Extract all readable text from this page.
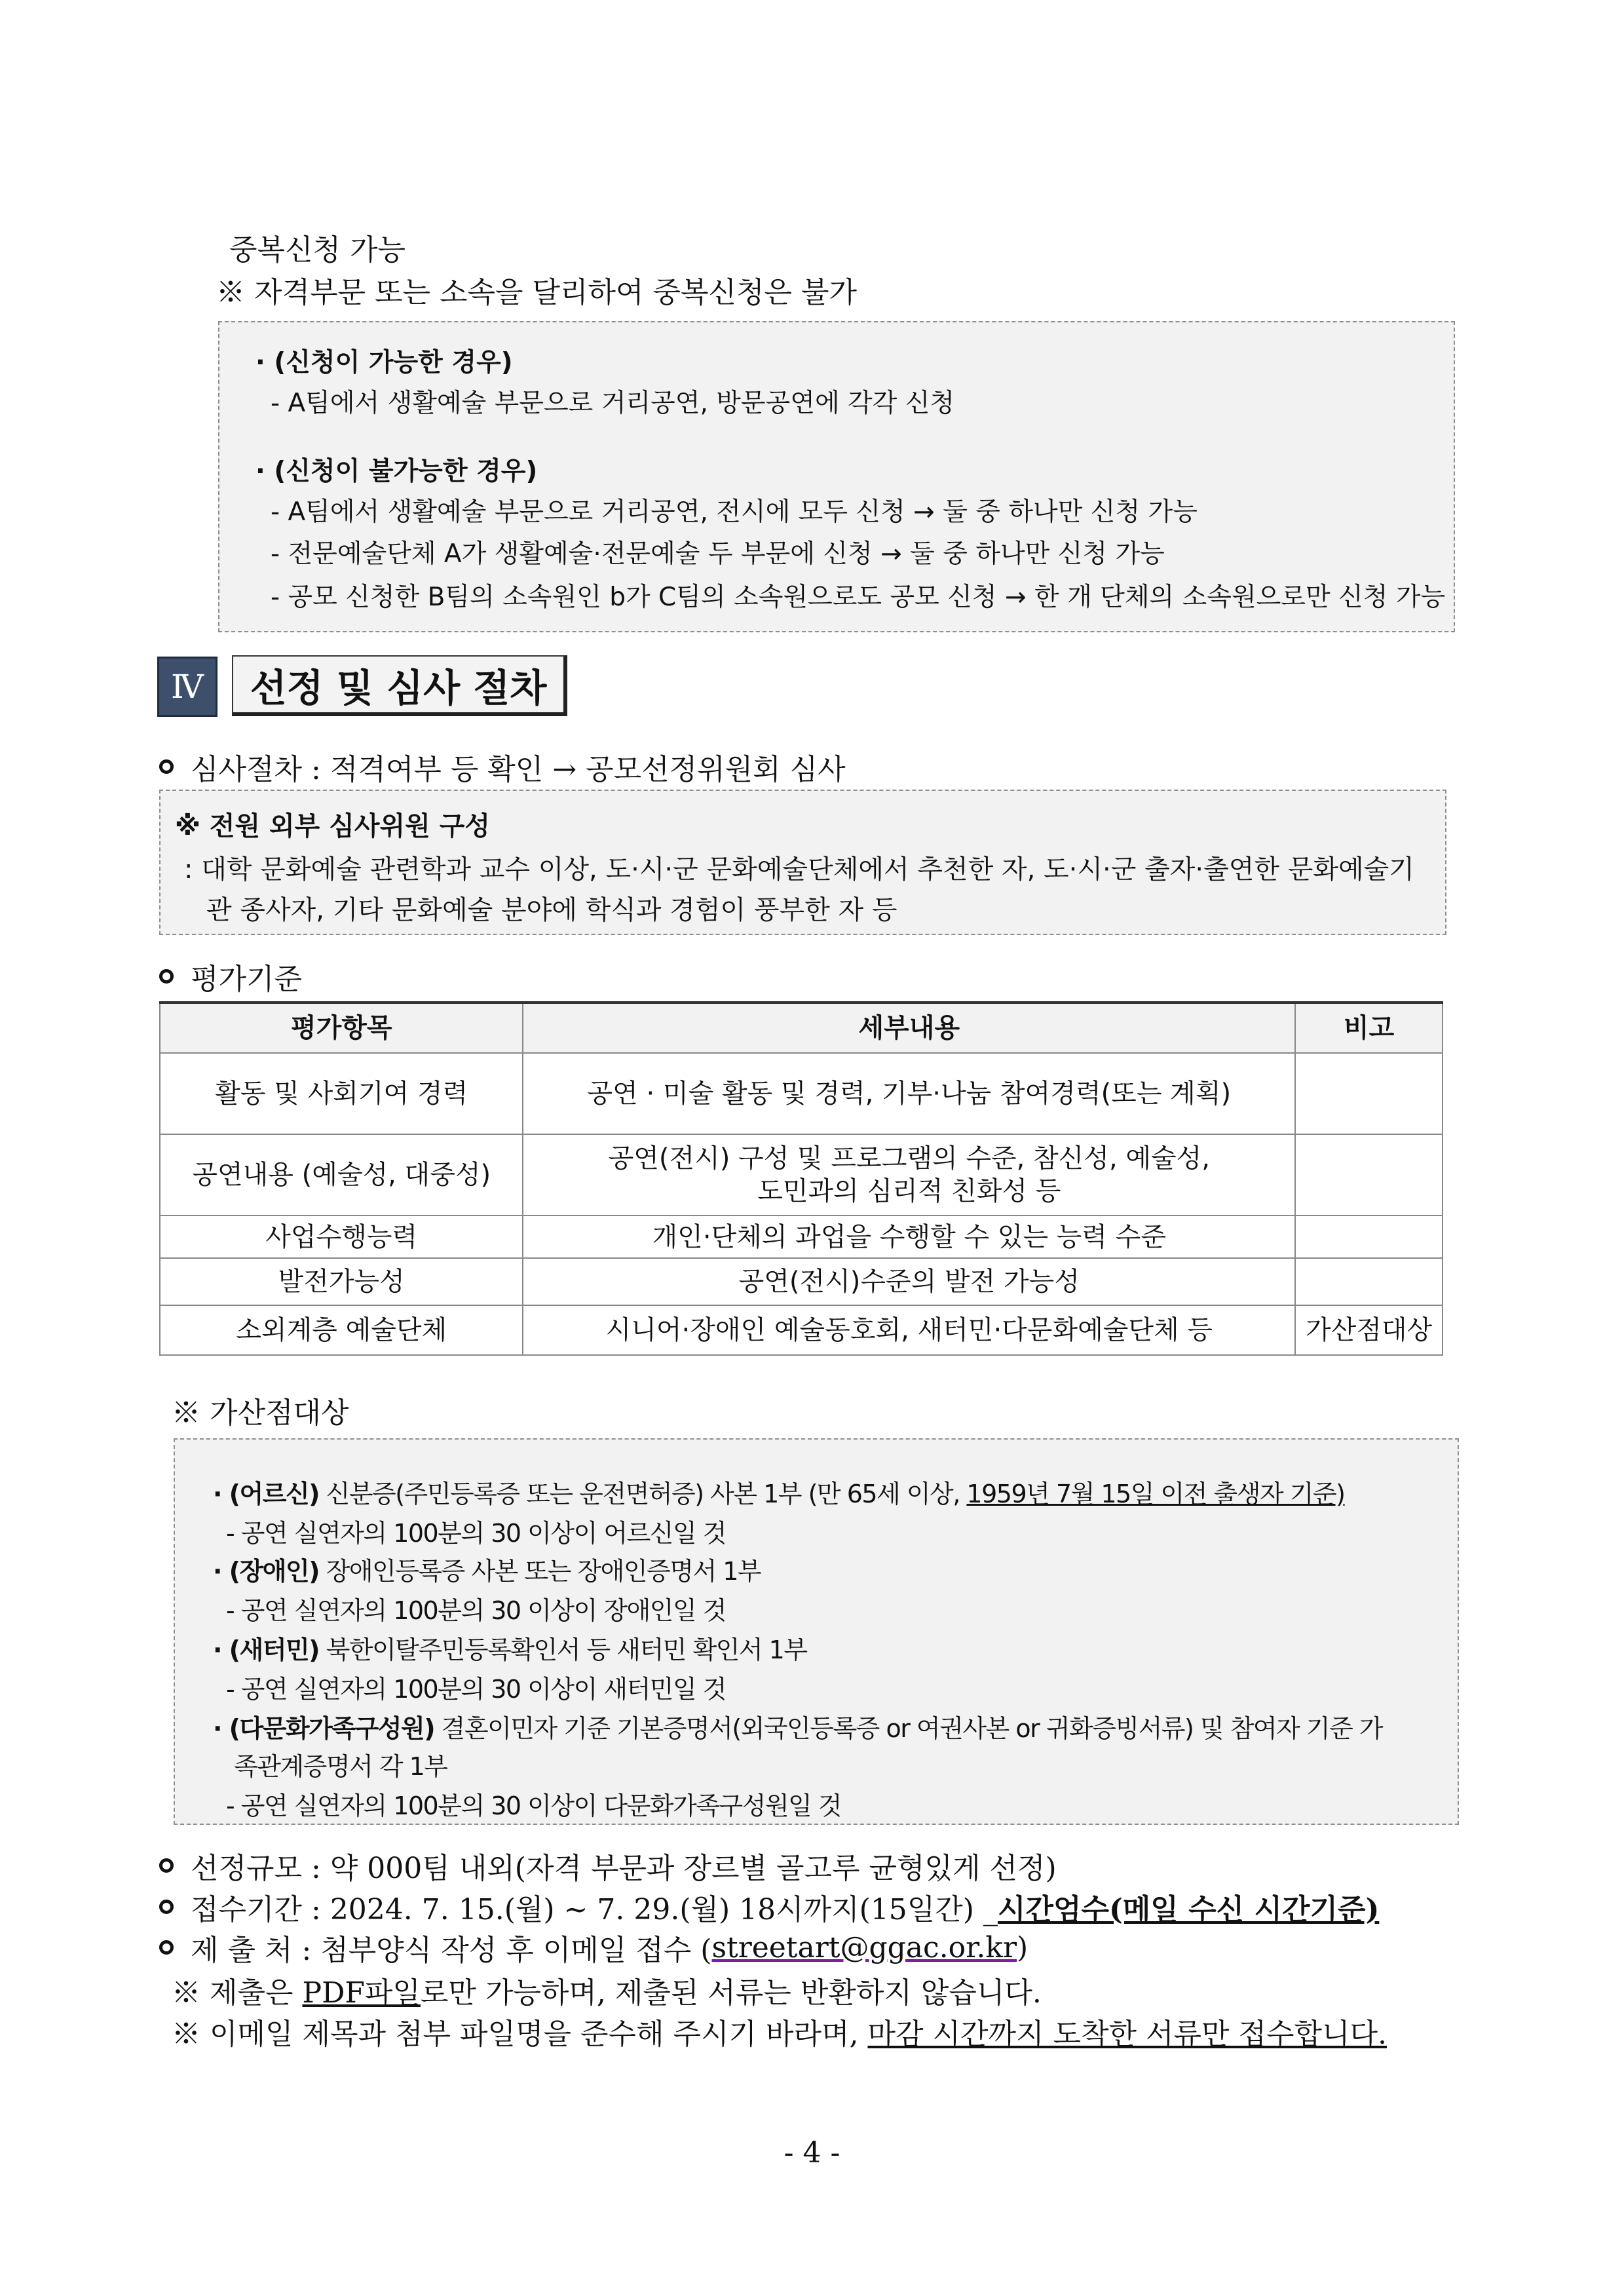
중복신청 가능
※ 자격부문 또는 소속을 달리하여 중복신청은 불가
· (신청이 가능한 경우)
- A팀에서 생활예술 부문으로 거리공연, 방문공연에 각각 신청
· (신청이 불가능한 경우)
- A팀에서 생활예술 부문으로 거리공연, 전시에 모두 신청 → 둘 중 하나만 신청 가능
- 전문예술단체 A가 생활예술·전문예술 두 부문에 신청 → 둘 중 하나만 신청 가능
- 공모 신청한 B팀의 소속원인 b가 C팀의 소속원으로도 공모 신청 → 한 개 단체의 소속원으로만 신청 가능
Ⅳ	선정 및 심사 절차
심사절차 : 적격여부 등 확인 → 공모선정위원회 심사
※ 전원 외부 심사위원 구성
: 대학 문화예술 관련학과 교수 이상, 도·시·군 문화예술단체에서 추천한 자, 도·시·군 출자·출연한 문화예술기
관 종사자, 기타 문화예술 분야에 학식과 경험이 풍부한 자 등
평가기준
평가항목	세부내용	비고
활동 및 사회기여 경력	공연 · 미술 활동 및 경력, 기부·나눔 참여경력(또는 계획)	
공연내용 (예술성, 대중성)	공연(전시) 구성 및 프로그램의 수준, 참신성, 예술성,
도민과의 심리적 친화성 등	

사업수행능력	개인·단체의 과업을 수행할 수 있는 능력 수준	
발전가능성	공연(전시)수준의 발전 가능성	
소외계층 예술단체	시니어·장애인 예술동호회, 새터민·다문화예술단체 등	가산점대상
※ 가산점대상
· (어르신) 신분증(주민등록증 또는 운전면허증) 사본 1부 (만 65세 이상, 1959년 7월 15일 이전 출생자 기준)
- 공연 실연자의 100분의 30 이상이 어르신일 것
· (장애인) 장애인등록증 사본 또는 장애인증명서 1부
- 공연 실연자의 100분의 30 이상이 장애인일 것
· (새터민) 북한이탈주민등록확인서 등 새터민 확인서 1부
- 공연 실연자의 100분의 30 이상이 새터민일 것
· (다문화가족구성원) 결혼이민자 기준 기본증명서(외국인등록증 or 여권사본 or 귀화증빙서류) 및 참여자 기준 가
족관계증명서 각 1부
- 공연 실연자의 100분의 30 이상이 다문화가족구성원일 것
선정규모 : 약 000팀 내외(자격 부문과 장르별 골고루 균형있게 선정)
접수기간 : 2024. 7. 15.(월) ~ 7. 29.(월) 18시까지(15일간) _ 시간엄수(메일 수신 시간기준)
제 출 처 : 첨부양식 작성 후 이메일 접수 ( streetart@ggac.or.kr )
※ 제출은 PDF파일로만 가능하며, 제출된 서류는 반환하지 않습니다.
※ 이메일 제목과 첨부 파일명을 준수해 주시기 바라며, 마감 시간까지 도착한 서류만 접수합니다.
- 4 -
